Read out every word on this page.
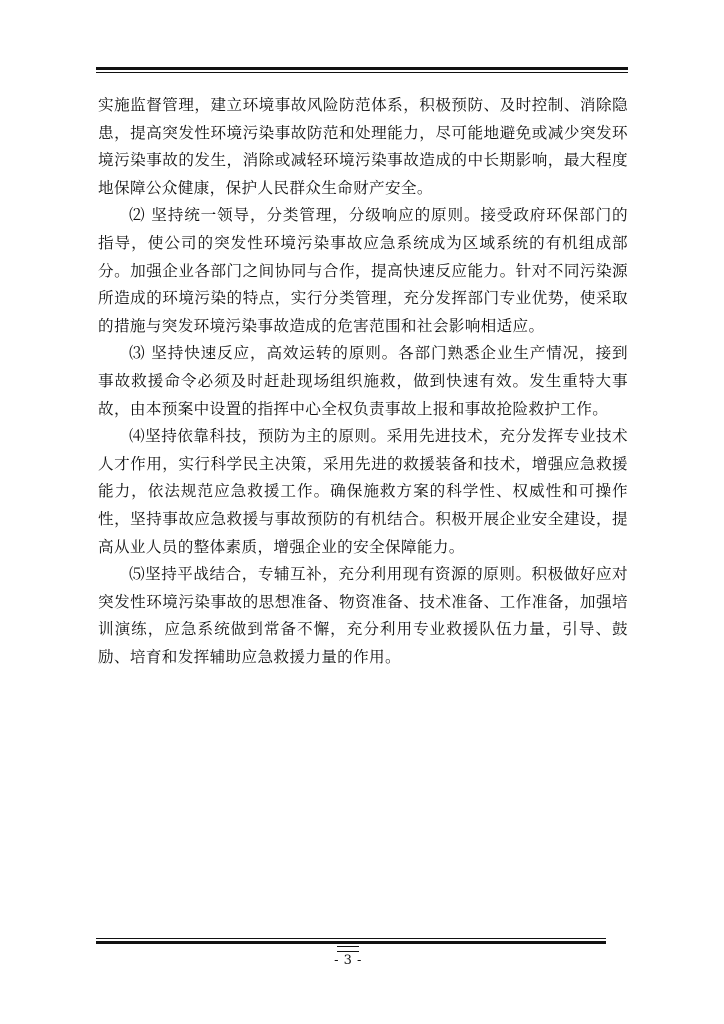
实施监督管理，建立环境事故风险防范体系，积极预防、及时控制、消除隐患，提高突发性环境污染事故防范和处理能力，尽可能地避免或减少突发环境污染事故的发生，消除或减轻环境污染事故造成的中长期影响，最大程度地保障公众健康，保护人民群众生命财产安全。

⑵ 坚持统一领导，分类管理，分级响应的原则。接受政府环保部门的指导，使公司的突发性环境污染事故应急系统成为区域系统的有机组成部分。加强企业各部门之间协同与合作，提高快速反应能力。针对不同污染源所造成的环境污染的特点，实行分类管理，充分发挥部门专业优势，使采取的措施与突发环境污染事故造成的危害范围和社会影响相适应。

⑶ 坚持快速反应，高效运转的原则。各部门熟悉企业生产情况，接到事故救援命令必须及时赶赴现场组织施救，做到快速有效。发生重特大事故，由本预案中设置的指挥中心全权负责事故上报和事故抢险救护工作。

⑷坚持依靠科技，预防为主的原则。采用先进技术，充分发挥专业技术人才作用，实行科学民主决策，采用先进的救援装备和技术，增强应急救援能力，依法规范应急救援工作。确保施救方案的科学性、权威性和可操作性，坚持事故应急救援与事故预防的有机结合。积极开展企业安全建设，提高从业人员的整体素质，增强企业的安全保障能力。

⑸坚持平战结合，专辅互补，充分利用现有资源的原则。积极做好应对突发性环境污染事故的思想准备、物资准备、技术准备、工作准备，加强培训演练，应急系统做到常备不懈，充分利用专业救援队伍力量，引导、鼓励、培育和发挥辅助应急救援力量的作用。

- 3 -
